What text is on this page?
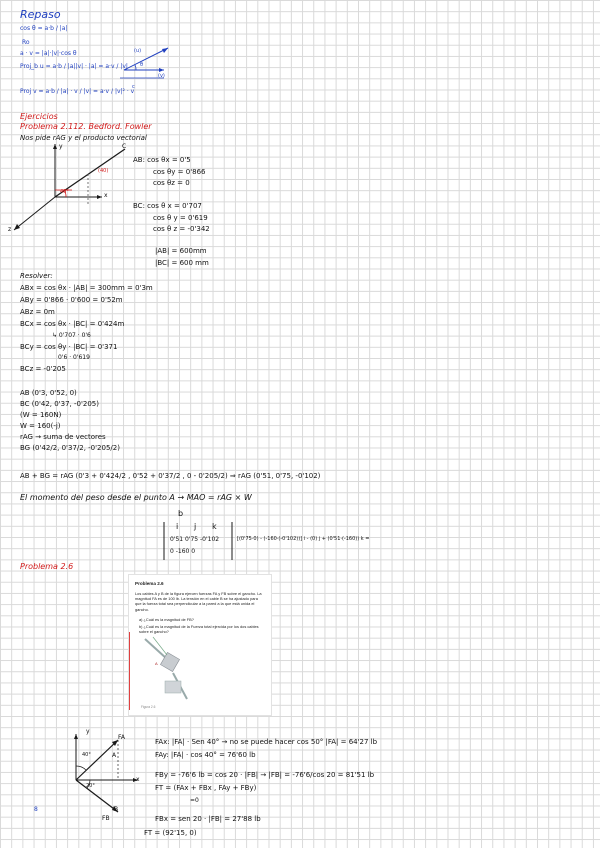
Repaso
cos θ = a·b / |a|
Ro
a · v = |a|·|v|·cos θ
Proj_b u = a·b / |a||v| · |a| = a·v / |v|
Proj v = a·b / |a| · v / |v| = a·v / |v|² · v
(u)
θ
(v)
c
Ejercicios
Problema 2.112. Bedford. Fowler
Nos pide rAG y el producto vectorial
y
x
z
C
40°
(40)
AB: cos θx = 0'5
cos θy = 0'866
cos θz = 0
BC: cos θ x = 0'707
cos θ y = 0'619
cos θ z = -0'342
|AB| = 600mm
|BC| = 600 mm
Resolver:
ABx = cos θx · |AB| = 300mm = 0'3m
ABy = 0'866 · 0'600 = 0'52m
ABz = 0m
BCx = cos θx · |BC| = 0'424m
↳ 0'707 · 0'6
BCy = cos θy · |BC| = 0'371
0'6 · 0'619
BCz = -0'205
AB (0'3, 0'52, 0)
BC (0'42, 0'37, -0'205)
(W = 160N)
W = 160(-j)
rAG → suma de vectores
BG (0'42/2, 0'37/2, -0'205/2)
AB + BG = rAG (0'3 + 0'424/2 , 0'52 + 0'37/2 , 0 - 0'205/2) ⇒ rAG (0'51, 0'75, -0'102)
El momento del peso desde el punto A → MAO = rAG × W
b
i j k
0'51 0'75 -0'102
0 -160 0
[(0'75·0) - (-160·(-0'102))] i - (0) j + (0'51·(-160)) k =
Problema 2.6
Problema 2.6
Los cables A y B de la figura ejercen fuerzas FA y FB sobre el gancho. La magnitud FA es de 100 lb. La tensión en el cable B se ha ajustado para que la fuerza total sea perpendicular a la pared a la que está unida el gancho.
a) ¿Cuál es la magnitud de FB?
b) ¿Cuál es la magnitud de la Fuerza total ejercida por los dos cables sobre el gancho?
A
Figura 2.6
y
x
FA
A
40°
20°
B
FB
FAx: |FA| · Sen 40° → no se puede hacer cos 50° |FA| = 64'27 lb
FAy: |FA| · cos 40° = 76'60 lb
FBy = -76'6 lb = cos 20 · |FB| → |FB| = -76'6/cos 20 = 81'51 lb
FT = (FAx + FBx , FAy + FBy)
=0
FBx = sen 20 · |FB| = 27'88 lb
FT = (92'15, 0)
8
